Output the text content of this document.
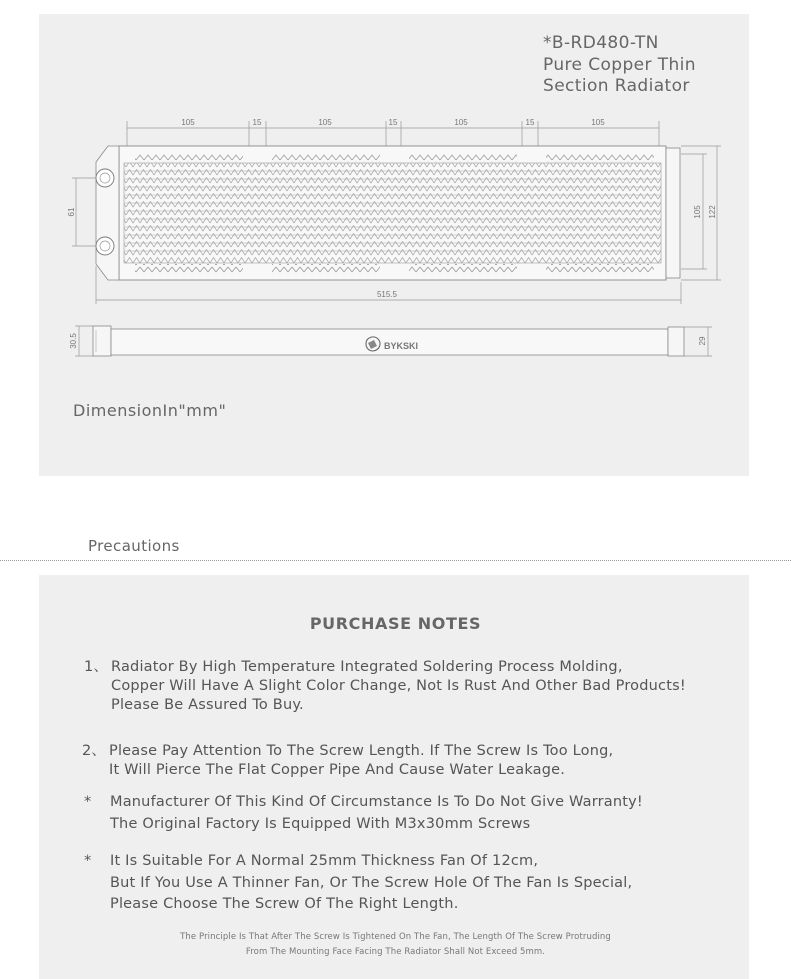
*B-RD480-TN
Pure Copper Thin
Section Radiator
105	15	105	15	105	15	105
61	105 122
515.5
30.5	29
BYKSKI
DimensionIn"mm"
Precautions
PURCHASE NOTES
1、 Radiator By High Temperature Integrated Soldering Process Molding,
Copper Will Have A Slight Color Change, Not Is Rust And Other Bad Products!
Please Be Assured To Buy.
2、 Please Pay Attention To The Screw Length. If The Screw Is Too Long,
It Will Pierce The Flat Copper Pipe And Cause Water Leakage.
* Manufacturer Of This Kind Of Circumstance Is To Do Not Give Warranty!
The Original Factory Is Equipped With M3x30mm Screws
* It Is Suitable For A Normal 25mm Thickness Fan Of 12cm,
But If You Use A Thinner Fan, Or The Screw Hole Of The Fan Is Special,
Please Choose The Screw Of The Right Length.
The Principle Is That After The Screw Is Tightened On The Fan, The Length Of The Screw Protruding
From The Mounting Face Facing The Radiator Shall Not Exceed 5mm.
